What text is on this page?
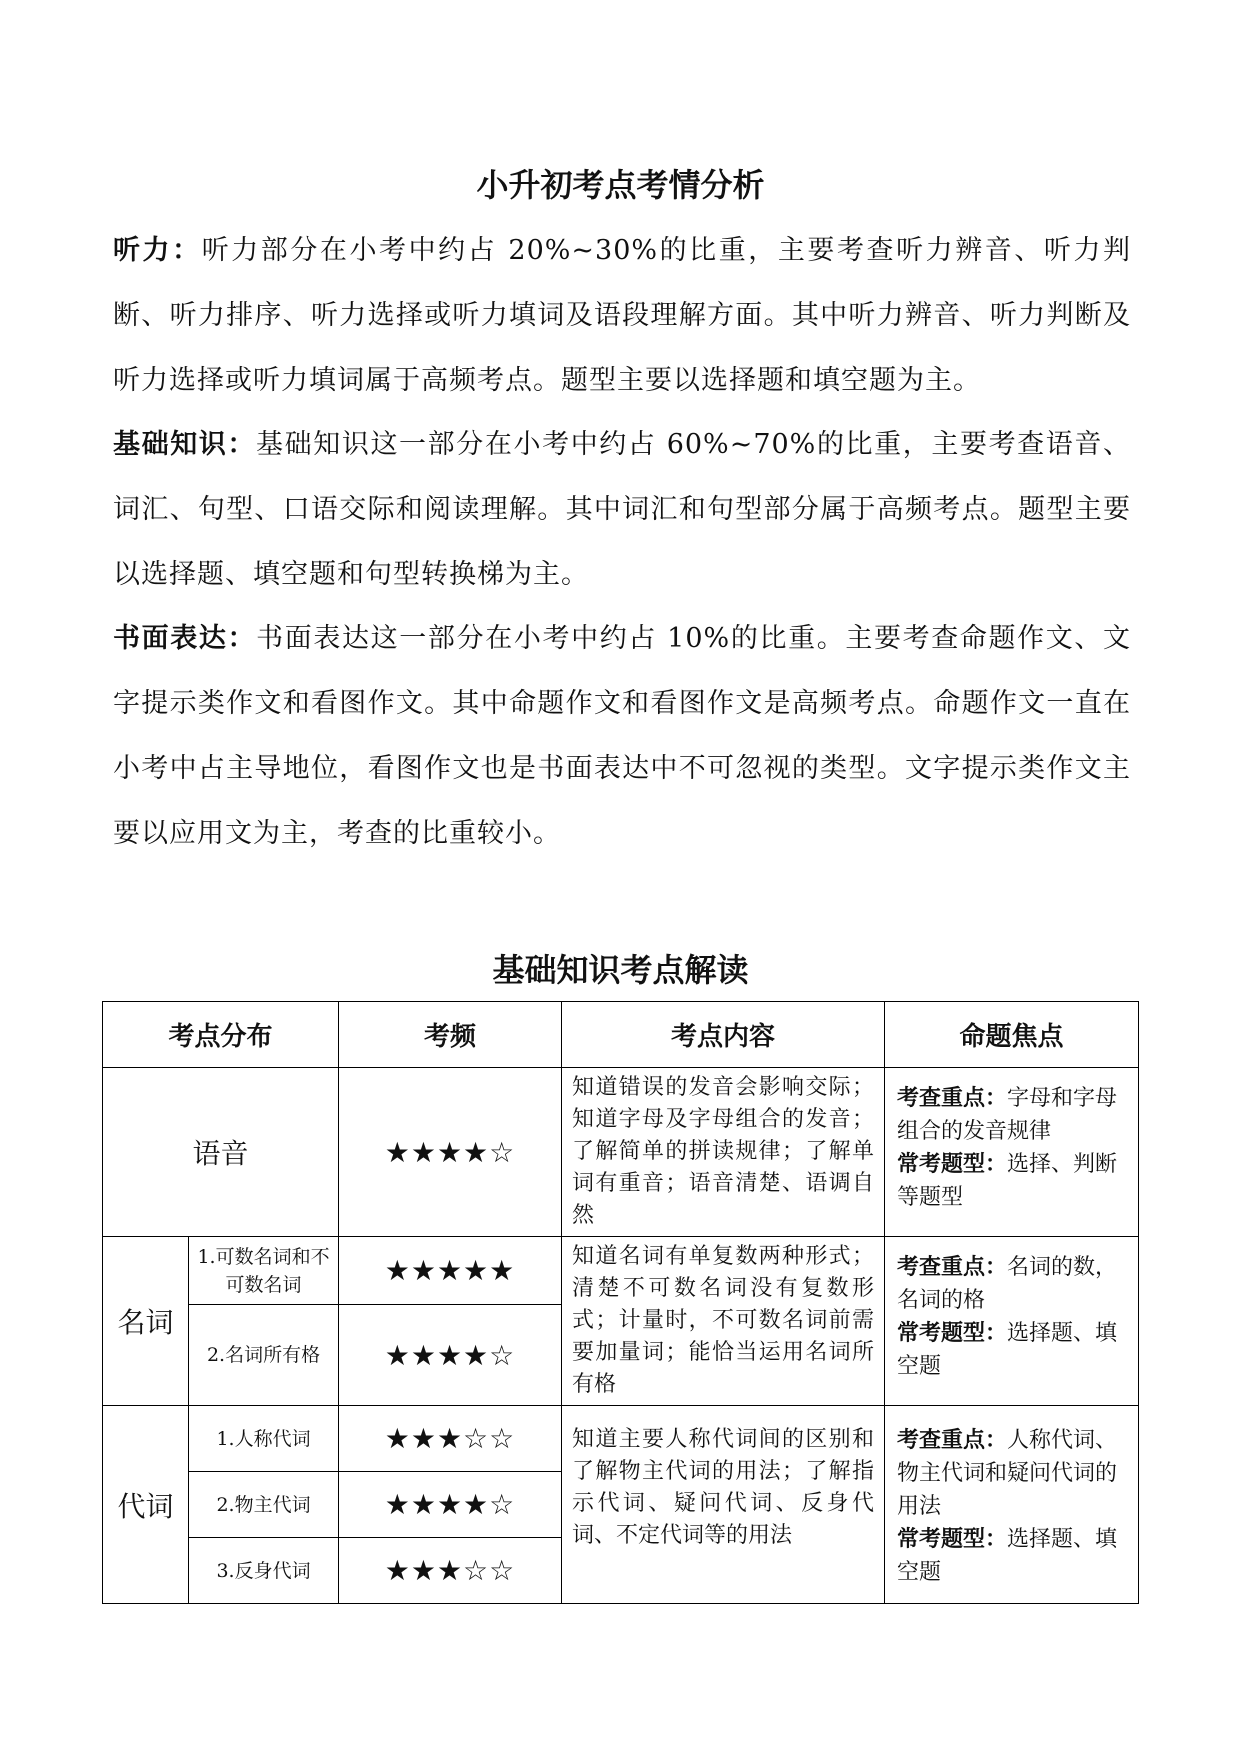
小升初考点考情分析

听力：听力部分在小考中约占 20%~30%的比重，主要考查听力辨音、听力判断、听力排序、听力选择或听力填词及语段理解方面。其中听力辨音、听力判断及听力选择或听力填词属于高频考点。题型主要以选择题和填空题为主。

基础知识：基础知识这一部分在小考中约占 60%~70%的比重，主要考查语音、词汇、句型、口语交际和阅读理解。其中词汇和句型部分属于高频考点。题型主要以选择题、填空题和句型转换梯为主。

书面表达：书面表达这一部分在小考中约占 10%的比重。主要考查命题作文、文字提示类作文和看图作文。其中命题作文和看图作文是高频考点。命题作文一直在小考中占主导地位，看图作文也是书面表达中不可忽视的类型。文字提示类作文主要以应用文为主，考查的比重较小。

基础知识考点解读
考点分布		考频	考点内容	命题焦点
语音		★★★★☆	知道错误的发音会影响交际；知道字母及字母组合的发音；了解简单的拼读规律；了解单词有重音；语音清楚、语调自然	考查重点：字母和字母组合的发音规律
常考题型：选择、判断等题型
名词	1.可数名词和不可数名词	★★★★★	知道名词有单复数两种形式；清楚不可数名词没有复数形式；计量时，不可数名词前需要加量词；能恰当运用名词所有格	考查重点：名词的数，名词的格
常考题型：选择题、填空题
	2.名词所有格	★★★★☆		
代词	1.人称代词	★★★☆☆	知道主要人称代词间的区别和了解物主代词的用法；了解指示代词、疑问代词、反身代词、不定代词等的用法	考查重点：人称代词、物主代词和疑问代词的用法
常考题型：选择题、填空题
	2.物主代词	★★★★☆		
	3.反身代词	★★★☆☆		
